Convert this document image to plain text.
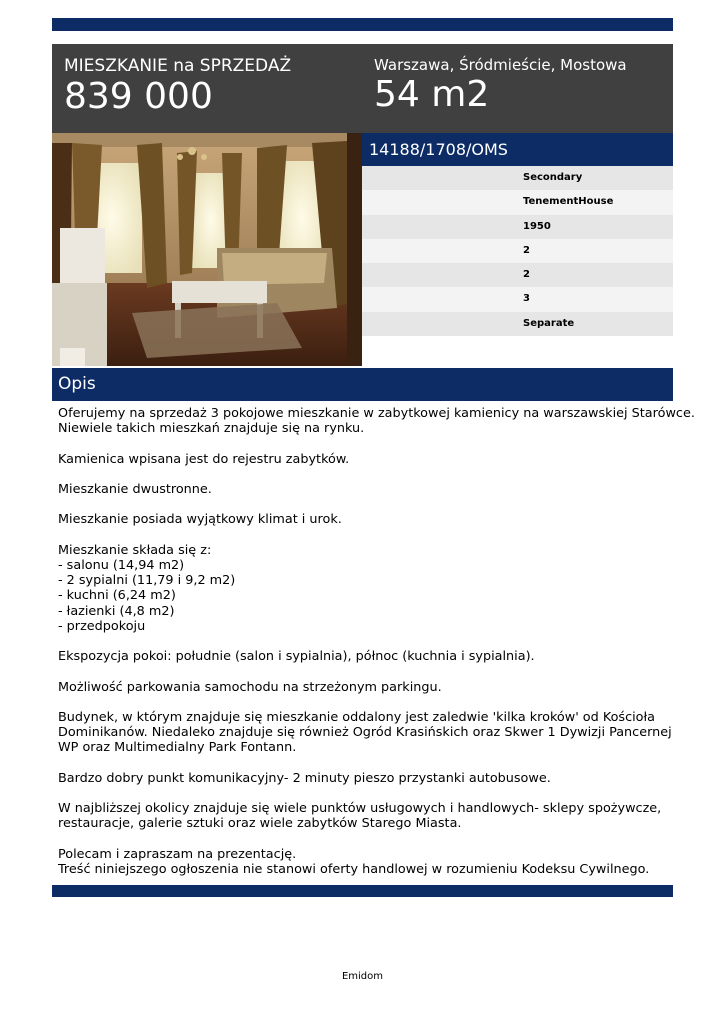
MIESZKANIE na SPRZEDAŻ
839 000
Warszawa, Śródmieście, Mostowa
54 m2
14188/1708/OMS
Secondary
TenementHouse
1950
2
2
3
Separate
Opis

Oferujemy na sprzedaż 3 pokojowe mieszkanie w zabytkowej kamienicy na warszawskiej Starówce.

Niewiele takich mieszkań znajduje się na rynku.

Kamienica wpisana jest do rejestru zabytków.

Mieszkanie dwustronne.

Mieszkanie posiada wyjątkowy klimat i urok.

Mieszkanie składa się z:

- salonu (14,94 m2)

- 2 sypialni (11,79 i 9,2 m2)

- kuchni (6,24 m2)

- łazienki (4,8 m2)

- przedpokoju

Ekspozycja pokoi: południe (salon i sypialnia), północ (kuchnia i sypialnia).

Możliwość parkowania samochodu na strzeżonym parkingu.

Budynek, w którym znajduje się mieszkanie oddalony jest zaledwie 'kilka kroków' od Kościoła

Dominikanów. Niedaleko znajduje się również Ogród Krasińskich oraz Skwer 1 Dywizji Pancernej

WP oraz Multimedialny Park Fontann.

Bardzo dobry punkt komunikacyjny- 2 minuty pieszo przystanki autobusowe.

W najbliższej okolicy znajduje się wiele punktów usługowych i handlowych- sklepy spożywcze,

restauracje, galerie sztuki oraz wiele zabytków Starego Miasta.

Polecam i zapraszam na prezentację.

Treść niniejszego ogłoszenia nie stanowi oferty handlowej w rozumieniu Kodeksu Cywilnego.

Emidom
